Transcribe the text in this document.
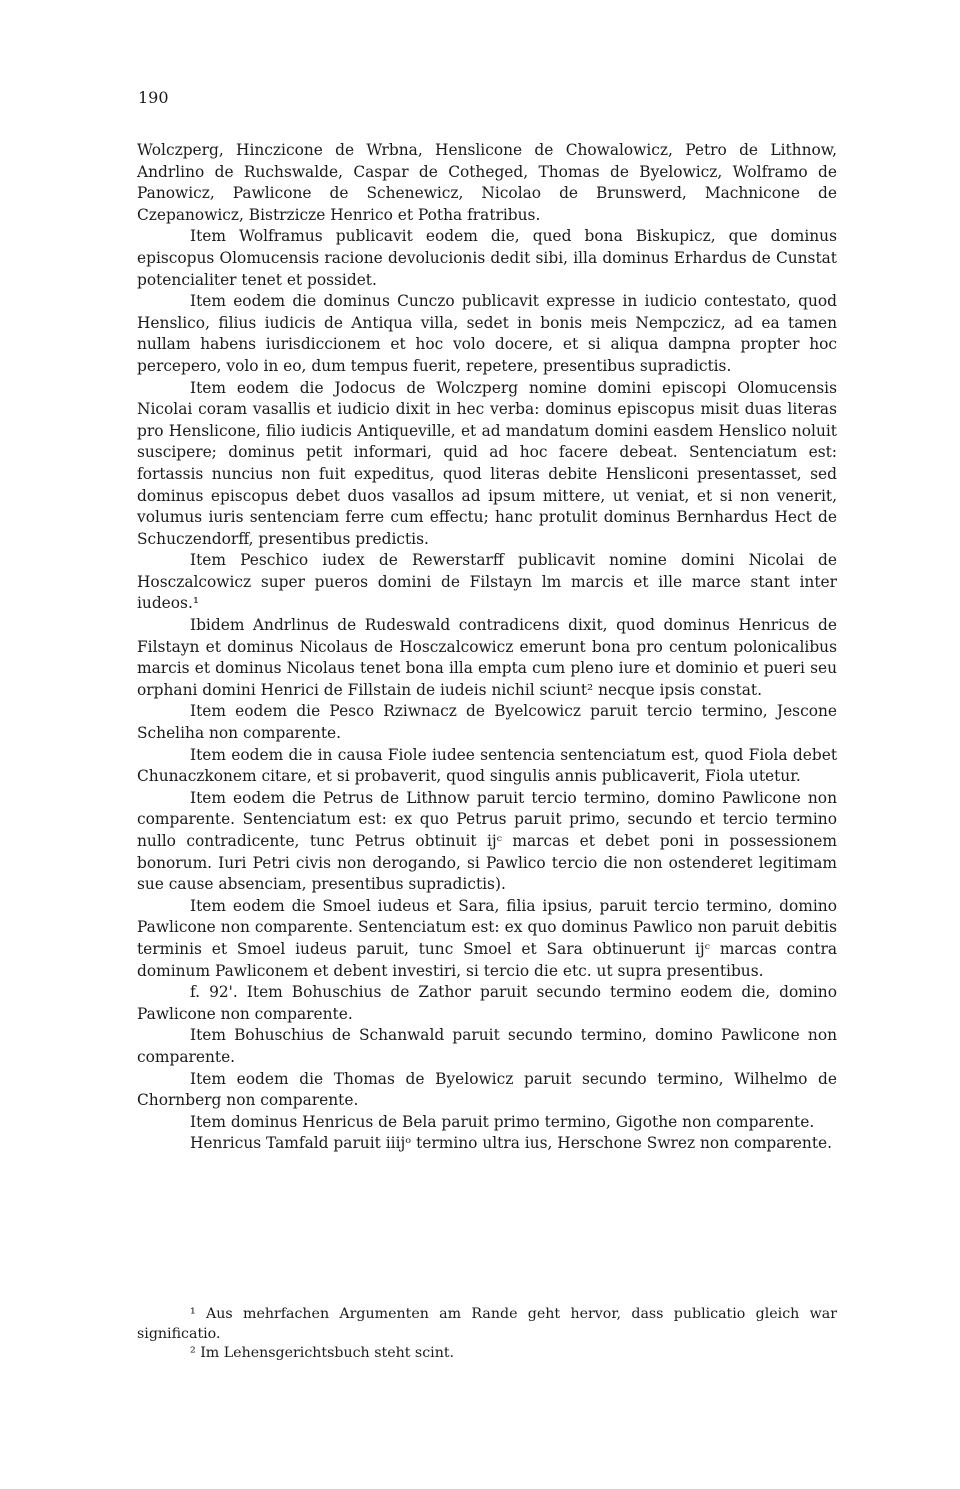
190

Wolczperg, Hinczicone de Wrbna, Henslicone de Chowalowicz, Petro de Lithnow, Andrlino de Ruchswalde, Caspar de Cotheged, Thomas de Byelowicz, Wolframo de Panowicz, Pawlicone de Schenewicz, Nicolao de Brunswerd, Machnicone de Czepanowicz, Bistrzicze Henrico et Potha fratribus.

Item Wolframus publicavit eodem die, qued bona Biskupicz, que dominus episcopus Olomucensis racione devolucionis dedit sibi, illa dominus Erhardus de Cunstat potencialiter tenet et possidet.

Item eodem die dominus Cunczo publicavit expresse in iudicio contestato, quod Henslico, filius iudicis de Antiqua villa, sedet in bonis meis Nempczicz, ad ea tamen nullam habens iurisdiccionem et hoc volo docere, et si aliqua dampna propter hoc percepero, volo in eo, dum tempus fuerit, repetere, presentibus supradictis.

Item eodem die Jodocus de Wolczperg nomine domini episcopi Olomucensis Nicolai coram vasallis et iudicio dixit in hec verba: dominus episcopus misit duas literas pro Henslicone, filio iudicis Antiqueville, et ad mandatum domini easdem Henslico noluit suscipere; dominus petit informari, quid ad hoc facere debeat. Sentenciatum est: fortassis nuncius non fuit expeditus, quod literas debite Hensliconi presentasset, sed dominus episcopus debet duos vasallos ad ipsum mittere, ut veniat, et si non venerit, volumus iuris sentenciam ferre cum effectu; hanc protulit dominus Bernhardus Hect de Schuczendorff, presentibus predictis.

Item Peschico iudex de Rewerstarff publicavit nomine domini Nicolai de Hosczalcowicz super pueros domini de Filstayn lm marcis et ille marce stant inter iudeos.¹

Ibidem Andrlinus de Rudeswald contradicens dixit, quod dominus Henricus de Filstayn et dominus Nicolaus de Hosczalcowicz emerunt bona pro centum polonicalibus marcis et dominus Nicolaus tenet bona illa empta cum pleno iure et dominio et pueri seu orphani domini Henrici de Fillstain de iudeis nichil sciunt² necque ipsis constat.

Item eodem die Pesco Rziwnacz de Byelcowicz paruit tercio termino, Jescone Scheliha non comparente.

Item eodem die in causa Fiole iudee sentencia sentenciatum est, quod Fiola debet Chunaczkonem citare, et si probaverit, quod singulis annis publicaverit, Fiola utetur.

Item eodem die Petrus de Lithnow paruit tercio termino, domino Pawlicone non comparente. Sentenciatum est: ex quo Petrus paruit primo, secundo et tercio termino nullo contradicente, tunc Petrus obtinuit ijᶜ marcas et debet poni in possessionem bonorum. Iuri Petri civis non derogando, si Pawlico tercio die non ostenderet legitimam sue cause absenciam, presentibus supradictis).

Item eodem die Smoel iudeus et Sara, filia ipsius, paruit tercio termino, domino Pawlicone non comparente. Sentenciatum est: ex quo dominus Pawlico non paruit debitis terminis et Smoel iudeus paruit, tunc Smoel et Sara obtinuerunt ijᶜ marcas contra dominum Pawliconem et debent investiri, si tercio die etc. ut supra presentibus.

f. 92'. Item Bohuschius de Zathor paruit secundo termino eodem die, domino Pawlicone non comparente.

Item Bohuschius de Schanwald paruit secundo termino, domino Pawlicone non comparente.

Item eodem die Thomas de Byelowicz paruit secundo termino, Wilhelmo de Chornberg non comparente.

Item dominus Henricus de Bela paruit primo termino, Gigothe non comparente.

Henricus Tamfald paruit iiijᵒ termino ultra ius, Herschone Swrez non comparente.

¹ Aus mehrfachen Argumenten am Rande geht hervor, dass publicatio gleich war significatio.

² Im Lehensgerichtsbuch steht scint.
